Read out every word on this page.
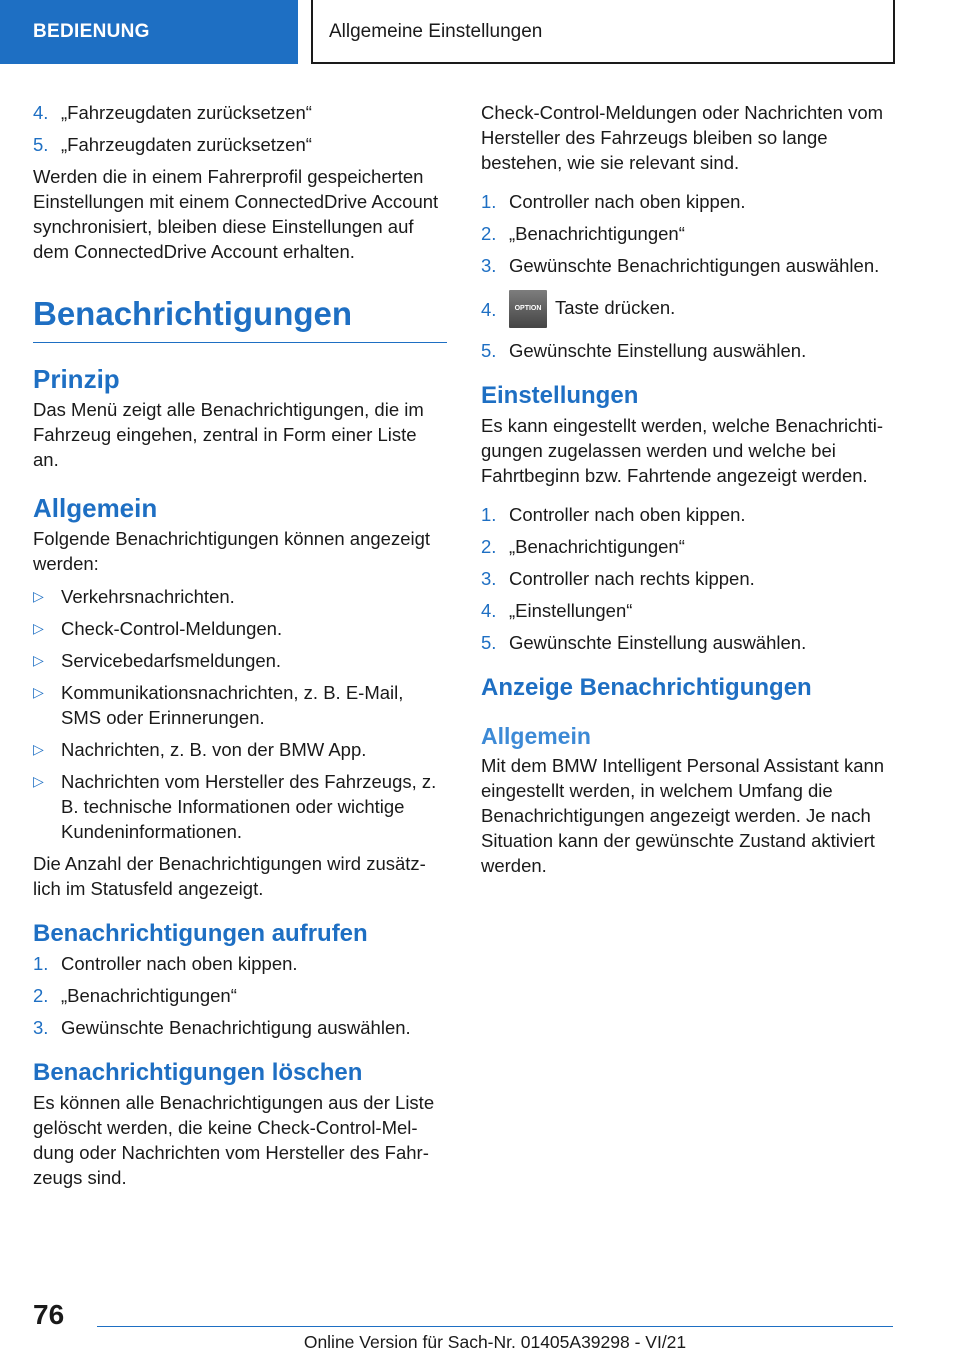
BEDIENUNG	Allgemeine Einstellungen
4. „Fahrzeugdaten zurücksetzen“
5. „Fahrzeugdaten zurücksetzen“

Werden die in einem Fahrerprofil gespeicherten Einstellungen mit einem ConnectedDrive Account synchronisiert, bleiben diese Einstellungen auf dem ConnectedDrive Account erhalten.

Benachrichtigungen
Prinzip

Das Menü zeigt alle Benachrichtigungen, die im Fahrzeug eingehen, zentral in Form einer Liste an.

Allgemein

Folgende Benachrichtigungen können angezeigt werden:

▷ Verkehrsnachrichten.
▷ Check-Control-Meldungen.
▷ Servicebedarfsmeldungen.
▷ Kommunikationsnachrichten, z. B. E-Mail, SMS oder Erinnerungen.
▷ Nachrichten, z. B. von der BMW App.
▷ Nachrichten vom Hersteller des Fahrzeugs, z. B. technische Informationen oder wichtige Kundeninformationen.

Die Anzahl der Benachrichtigungen wird zusätzlich im Statusfeld angezeigt.

Benachrichtigungen aufrufen
1. Controller nach oben kippen.
2. „Benachrichtigungen“
3. Gewünschte Benachrichtigung auswählen.
Benachrichtigungen löschen

Es können alle Benachrichtigungen aus der Liste gelöscht werden, die keine Check-Control-Meldung oder Nachrichten vom Hersteller des Fahrzeugs sind.

Check-Control-Meldungen oder Nachrichten vom Hersteller des Fahrzeugs bleiben so lange bestehen, wie sie relevant sind.

1. Controller nach oben kippen.
2. „Benachrichtigungen“
3. Gewünschte Benachrichtigungen auswählen.
4.	OPTION Taste drücken.
5. Gewünschte Einstellung auswählen.
Einstellungen

Es kann eingestellt werden, welche Benachrichtigungen zugelassen werden und welche bei Fahrtbeginn bzw. Fahrtende angezeigt werden.

1. Controller nach oben kippen.
2. „Benachrichtigungen“
3. Controller nach rechts kippen.
4. „Einstellungen“
5. Gewünschte Einstellung auswählen.
Anzeige Benachrichtigungen
Allgemein

Mit dem BMW Intelligent Personal Assistant kann eingestellt werden, in welchem Umfang die Benachrichtigungen angezeigt werden. Je nach Situation kann der gewünschte Zustand aktiviert werden.

76
Online Version für Sach-Nr. 01405A39298 - VI/21
